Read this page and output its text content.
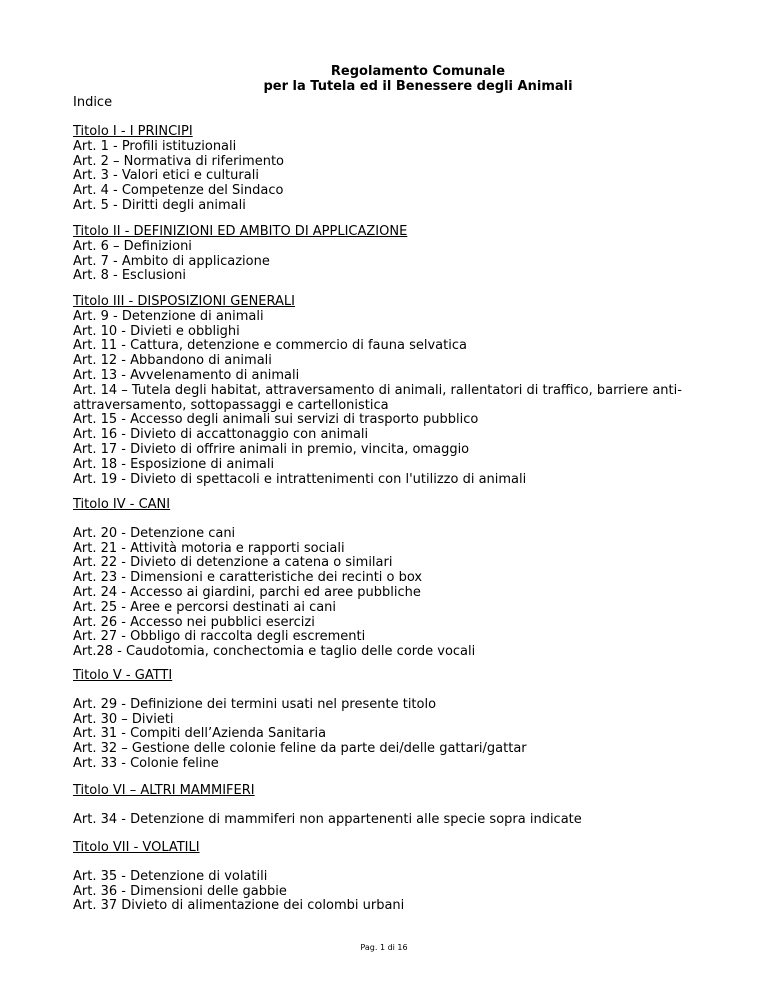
Regolamento Comunale
per la Tutela ed il Benessere degli Animali
Indice
Titolo I - I PRINCIPI
Art. 1 - Profili istituzionali
Art. 2 – Normativa di riferimento
Art. 3 - Valori etici e culturali
Art. 4 - Competenze del Sindaco
Art. 5 - Diritti degli animali
Titolo II - DEFINIZIONI ED AMBITO DI APPLICAZIONE
Art. 6 – Definizioni
Art. 7 - Ambito di applicazione
Art. 8 - Esclusioni
Titolo III - DISPOSIZIONI GENERALI
Art. 9 - Detenzione di animali
Art. 10 - Divieti e obblighi
Art. 11 - Cattura, detenzione e commercio di fauna selvatica
Art. 12 - Abbandono di animali
Art. 13 - Avvelenamento di animali
Art. 14 – Tutela degli habitat, attraversamento di animali, rallentatori di traffico, barriere anti-attraversamento, sottopassaggi e cartellonistica
Art. 15 - Accesso degli animali sui servizi di trasporto pubblico
Art. 16 - Divieto di accattonaggio con animali
Art. 17 - Divieto di offrire animali in premio, vincita, omaggio
Art. 18 - Esposizione di animali
Art. 19 - Divieto di spettacoli e intrattenimenti con l'utilizzo di animali
Titolo IV - CANI
Art. 20 - Detenzione cani
Art. 21 - Attività motoria e rapporti sociali
Art. 22 - Divieto di detenzione a catena o similari
Art. 23 - Dimensioni e caratteristiche dei recinti o box
Art. 24 - Accesso ai giardini, parchi ed aree pubbliche
Art. 25 - Aree e percorsi destinati ai cani
Art. 26 - Accesso nei pubblici esercizi
Art. 27 - Obbligo di raccolta degli escrementi
Art.28 - Caudotomia, conchectomia e taglio delle corde vocali
Titolo V - GATTI
Art. 29 - Definizione dei termini usati nel presente titolo
Art. 30 – Divieti
Art. 31 - Compiti dell’Azienda Sanitaria
Art. 32 – Gestione delle colonie feline da parte dei/delle gattari/gattar
Art. 33 - Colonie feline
Titolo VI – ALTRI MAMMIFERI
Art. 34 - Detenzione di mammiferi non appartenenti alle specie sopra indicate
Titolo VII - VOLATILI
Art. 35 - Detenzione di volatili
Art. 36 - Dimensioni delle gabbie
Art. 37 Divieto di alimentazione dei colombi urbani
Pag. 1 di 16
